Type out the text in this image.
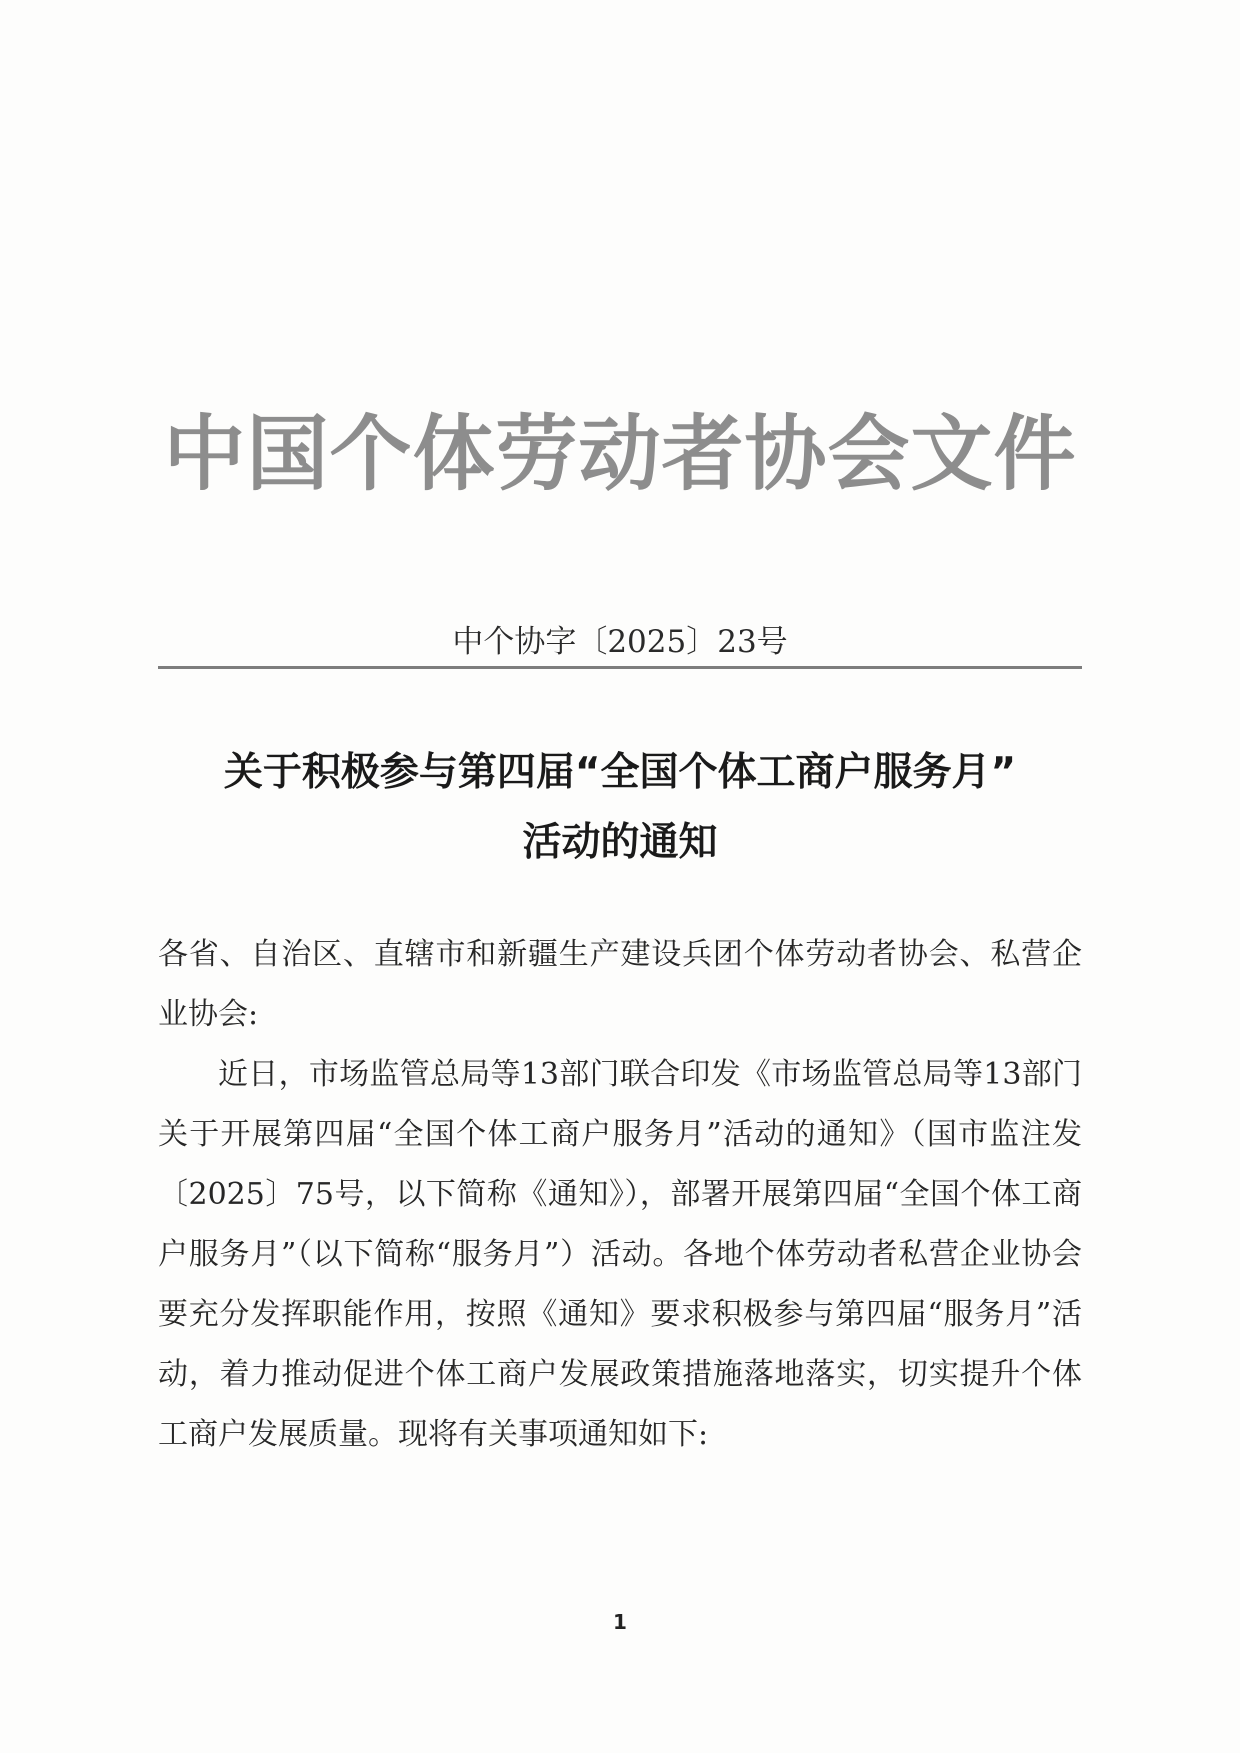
中国个体劳动者协会文件
中个协字〔2025〕23号
关于积极参与第四届“全国个体工商户服务月”
活动的通知

各省、自治区、直辖市和新疆生产建设兵团个体劳动者协会、私营企业协会:

近日，市场监管总局等13部门联合印发《市场监管总局等13部门关于开展第四届“全国个体工商户服务月”活动的通知》（国市监注发〔2025〕75号，以下简称《通知》），部署开展第四届“全国个体工商户服务月”（以下简称“服务月”）活动。各地个体劳动者私营企业协会要充分发挥职能作用，按照《通知》要求积极参与第四届“服务月”活动，着力推动促进个体工商户发展政策措施落地落实，切实提升个体工商户发展质量。现将有关事项通知如下:

1
